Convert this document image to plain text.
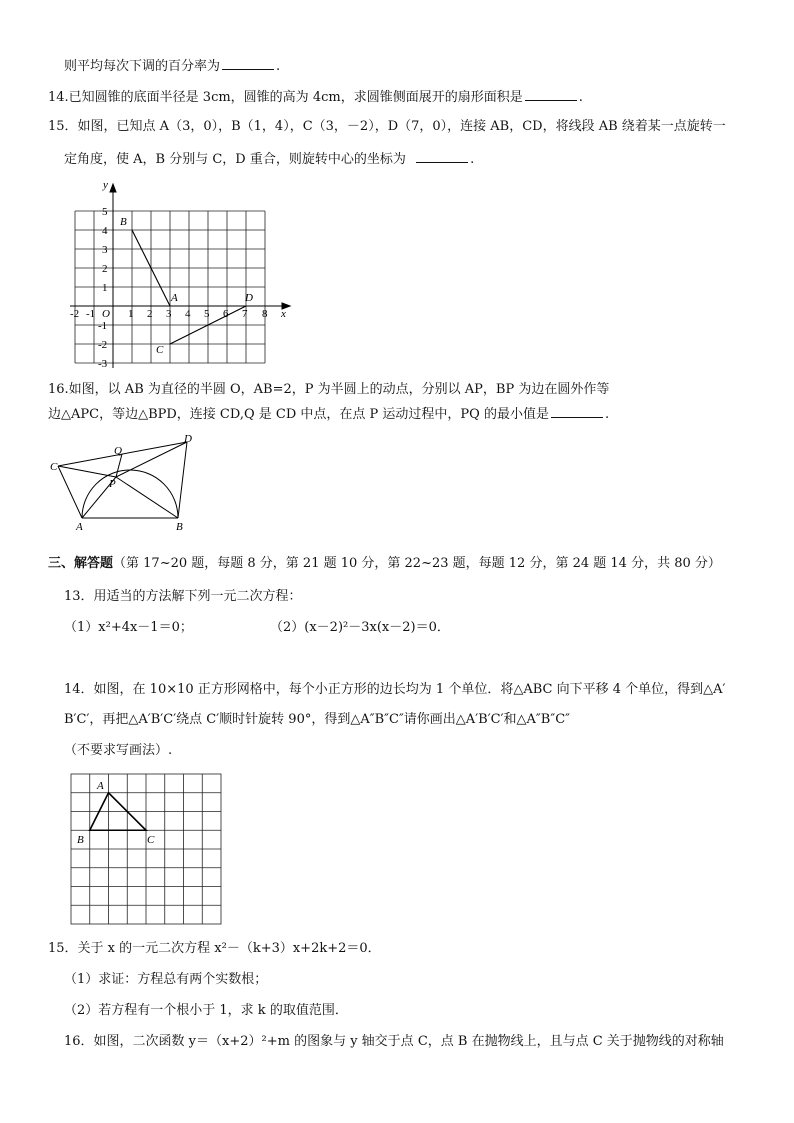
则平均每次下调的百分率为	.
14.已知圆锥的底面半径是 3cm，圆锥的高为 4cm，求圆锥侧面展开的扇形面积是	.
15．如图，已知点 A（3，0），B（1，4），C（3，－2），D（7，0），连接 AB，CD，将线段 AB 绕着某一点旋转一
定角度，使 A，B 分别与 C，D 重合，则旋转中心的坐标为	.
x
y
O
-2 -1	1 2 3 4 5 6 7 8
5
4
3
2
1
-1
-2
-3
B
A
C
D
16.如图，以 AB 为直径的半圆 O，AB=2，P 为半圆上的动点，分别以 AP，BP 为边在圆外作等
边△APC，等边△BPD，连接 CD,Q 是 CD 中点，在点 P 运动过程中，PQ 的最小值是	.
A	B
C
D
P
Q
三、解答题（第 17~20 题，每题 8 分，第 21 题 10 分，第 22~23 题，每题 12 分，第 24 题 14 分，共 80 分）
13．用适当的方法解下列一元二次方程：
（1）x²+4x－1＝0；	（2）(x－2)²－3x(x－2)＝0．
14．如图，在 10×10 正方形网格中，每个小正方形的边长均为 1 个单位．将△ABC 向下平移 4 个单位，得到△A′
B′C′，再把△A′B′C′绕点 C′顺时针旋转 90°，得到△A″B″C″请你画出△A′B′C′和△A″B″C″
（不要求写画法）.
A
B	C
15．关于 x 的一元二次方程 x²－（k+3）x+2k+2＝0．
（1）求证：方程总有两个实数根；
（2）若方程有一个根小于 1，求 k 的取值范围．
16．如图，二次函数 y＝（x+2）²+m 的图象与 y 轴交于点 C，点 B 在抛物线上，且与点 C 关于抛物线的对称轴
